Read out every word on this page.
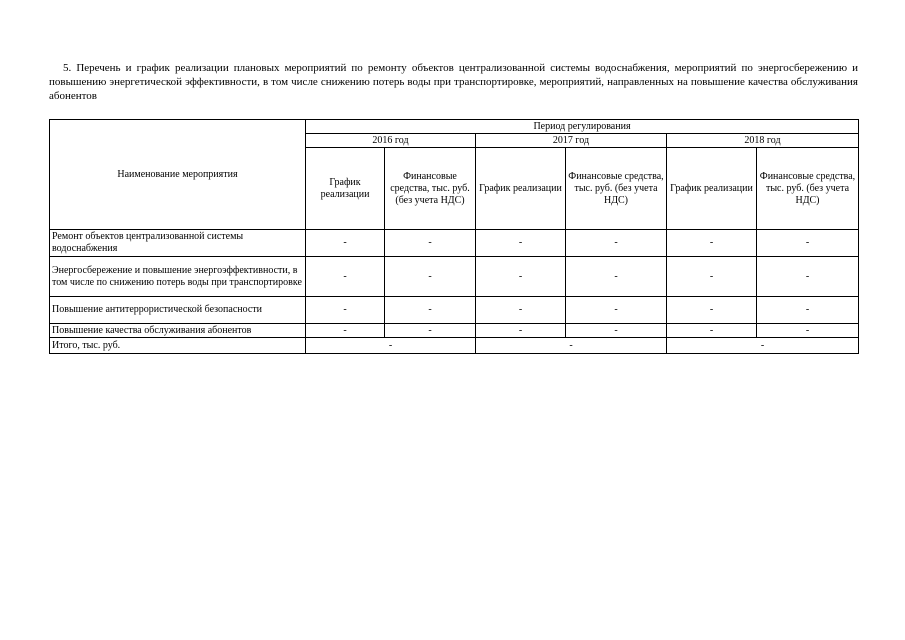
5. Перечень и график реализации плановых мероприятий по ремонту объектов централизованной системы водоснабжения, мероприятий по энергосбережению и повышению энергетической эффективности, в том числе снижению потерь воды при транспортировке, мероприятий, направленных на повышение качества обслуживания абонентов

Наименование мероприятия	Период регулирования					
	2016 год		2017 год		2018 год	
	График реализации	Финансовые средства, тыс. руб. (без учета НДС)	График реализации	Финансовые средства, тыс. руб. (без учета НДС)	График реализации	Финансовые средства, тыс. руб. (без учета НДС)
Ремонт объектов централизованной системы водоснабжения	-	-	-	-	-	-
Энергосбережение и повышение энергоэффективности, в том числе по снижению потерь воды при транспортировке	-	-	-	-	-	-
Повышение антитеррористической безопасности	-	-	-	-	-	-
Повышение качества обслуживания абонентов	-	-	-	-	-	-
Итого, тыс. руб.	-		-		-	
